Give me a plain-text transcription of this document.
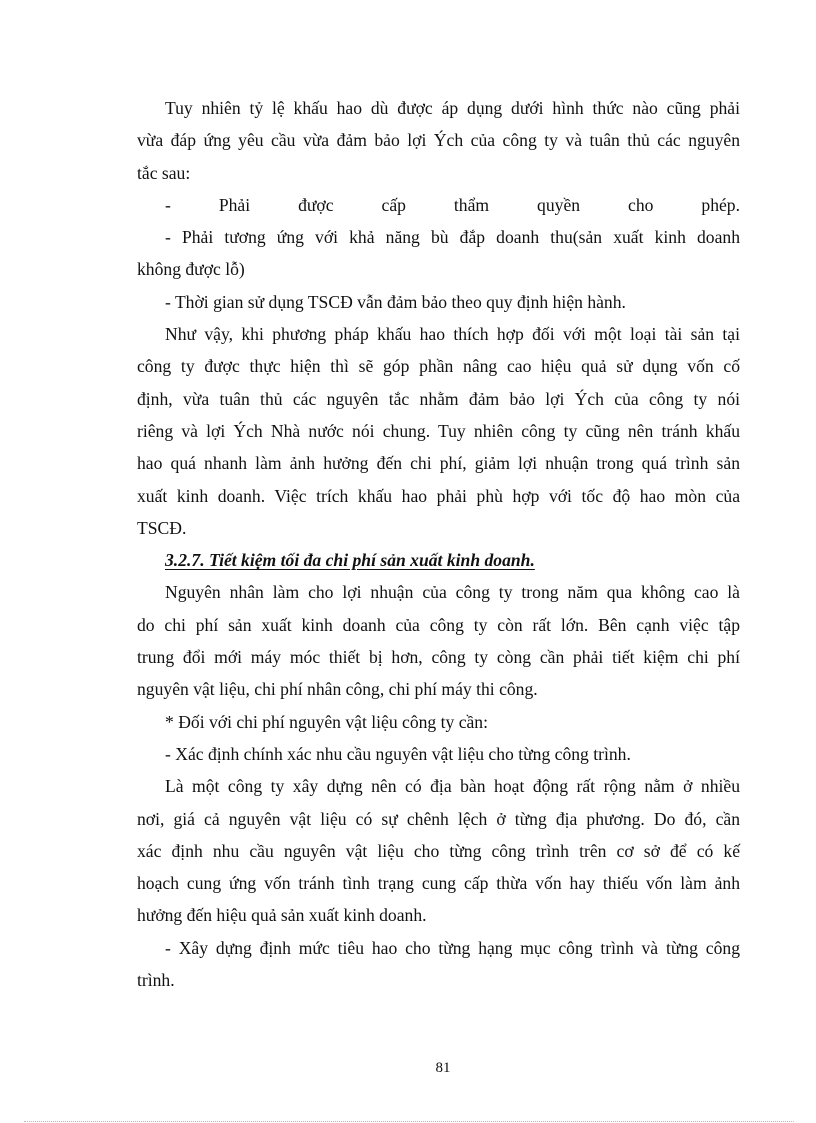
Tuy nhiên tỷ lệ khấu hao dù được áp dụng dưới hình thức nào cũng phải
vừa đáp ứng yêu cầu vừa đảm bảo lợi Ých của công ty và tuân thủ các nguyên
tắc sau:
- Phải được cấp thẩm quyền cho phép.
- Phải tương ứng với khả năng bù đắp doanh thu(sản xuất kinh doanh
không được lỗ)
- Thời gian sử dụng TSCĐ vẫn đảm bảo theo quy định hiện hành.
Như vậy, khi phương pháp khấu hao thích hợp đối với một loại tài sản tại
công ty được thực hiện thì sẽ góp phần nâng cao hiệu quả sử dụng vốn cố
định, vừa tuân thủ các nguyên tắc nhằm đảm bảo lợi Ých của công ty nói
riêng và lợi Ých Nhà nước nói chung. Tuy nhiên công ty cũng nên tránh khấu
hao quá nhanh làm ảnh hưởng đến chi phí, giảm lợi nhuận trong quá trình sản
xuất kinh doanh. Việc trích khấu hao phải phù hợp với tốc độ hao mòn của
TSCĐ.
3.2.7. Tiết kiệm tối đa chi phí sản xuất kinh doanh.
Nguyên nhân làm cho lợi nhuận của công ty trong năm qua không cao là
do chi phí sản xuất kinh doanh của công ty còn rất lớn. Bên cạnh việc tập
trung đổi mới máy móc thiết bị hơn, công ty còng cần phải tiết kiệm chi phí
nguyên vật liệu, chi phí nhân công, chi phí máy thi công.
* Đối với chi phí nguyên vật liệu công ty cần:
- Xác định chính xác nhu cầu nguyên vật liệu cho từng công trình.
Là một công ty xây dựng nên có địa bàn hoạt động rất rộng nằm ở nhiều
nơi, giá cả nguyên vật liệu có sự chênh lệch ở từng địa phương. Do đó, cần
xác định nhu cầu nguyên vật liệu cho từng công trình trên cơ sở để có kế
hoạch cung ứng vốn tránh tình trạng cung cấp thừa vốn hay thiếu vốn làm ảnh
hưởng đến hiệu quả sản xuất kinh doanh.
- Xây dựng định mức tiêu hao cho từng hạng mục công trình và từng công
trình.
81
